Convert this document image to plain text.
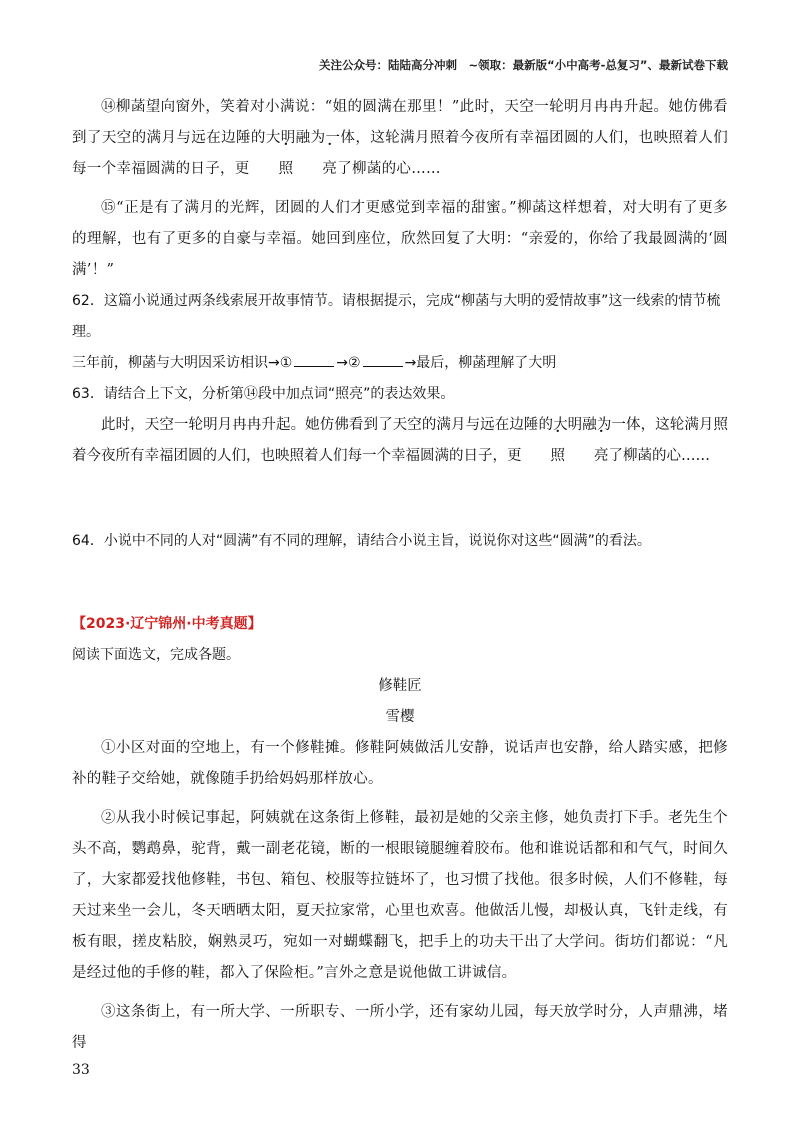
关注公众号：陆陆高分冲刺　~领取：最新版“小中高考-总复习”、最新试卷下载

⑭柳菡望向窗外，笑着对小满说：“姐的圆满在那里！”此时，天空一轮明月冉冉升起。她仿佛看到了天空的满月与远在边陲的大明融为一体，这轮满月照着今夜所有幸福团圆的人们，也映照着人们每一个幸福圆满的日子，更 照 亮了柳菡的心……

⑮“正是有了满月的光辉，团圆的人们才更感觉到幸福的甜蜜。”柳菡这样想着，对大明有了更多的理解，也有了更多的自豪与幸福。她回到座位，欣然回复了大明：“亲爱的，你给了我最圆满的‘圆满’！”

62．这篇小说通过两条线索展开故事情节。请根据提示，完成“柳菡与大明的爱情故事”这一线索的情节梳理。

三年前，柳菡与大明因采访相识→①	→②	→最后，柳菡理解了大明

63．请结合上下文，分析第⑭段中加点词“照亮”的表达效果。

此时，天空一轮明月冉冉升起。她仿佛看到了天空的满月与远在边陲的大明融为一体，这轮满月照着今夜所有幸福团圆的人们，也映照着人们每一个幸福圆满的日子，更 照 亮了柳菡的心……

64．小说中不同的人对“圆满”有不同的理解，请结合小说主旨，说说你对这些“圆满”的看法。

【2023·辽宁锦州·中考真题】

阅读下面选文，完成各题。

修鞋匠

雪樱

①小区对面的空地上，有一个修鞋摊。修鞋阿姨做活儿安静，说话声也安静，给人踏实感，把修补的鞋子交给她，就像随手扔给妈妈那样放心。

②从我小时候记事起，阿姨就在这条街上修鞋，最初是她的父亲主修，她负责打下手。老先生个头不高，鹦鹉鼻，驼背，戴一副老花镜，断的一根眼镜腿缠着胶布。他和谁说话都和和气气，时间久了，大家都爱找他修鞋，书包、箱包、校服等拉链坏了，也习惯了找他。很多时候，人们不修鞋，每天过来坐一会儿，冬天晒晒太阳，夏天拉家常，心里也欢喜。他做活儿慢，却极认真，飞针走线，有板有眼，搓皮粘胶，娴熟灵巧，宛如一对蝴蝶翻飞，把手上的功夫干出了大学问。街坊们都说：“凡是经过他的手修的鞋，都入了保险柜。”言外之意是说他做工讲诚信。

③这条街上，有一所大学、一所职专、一所小学，还有家幼儿园，每天放学时分，人声鼎沸，堵得

33
